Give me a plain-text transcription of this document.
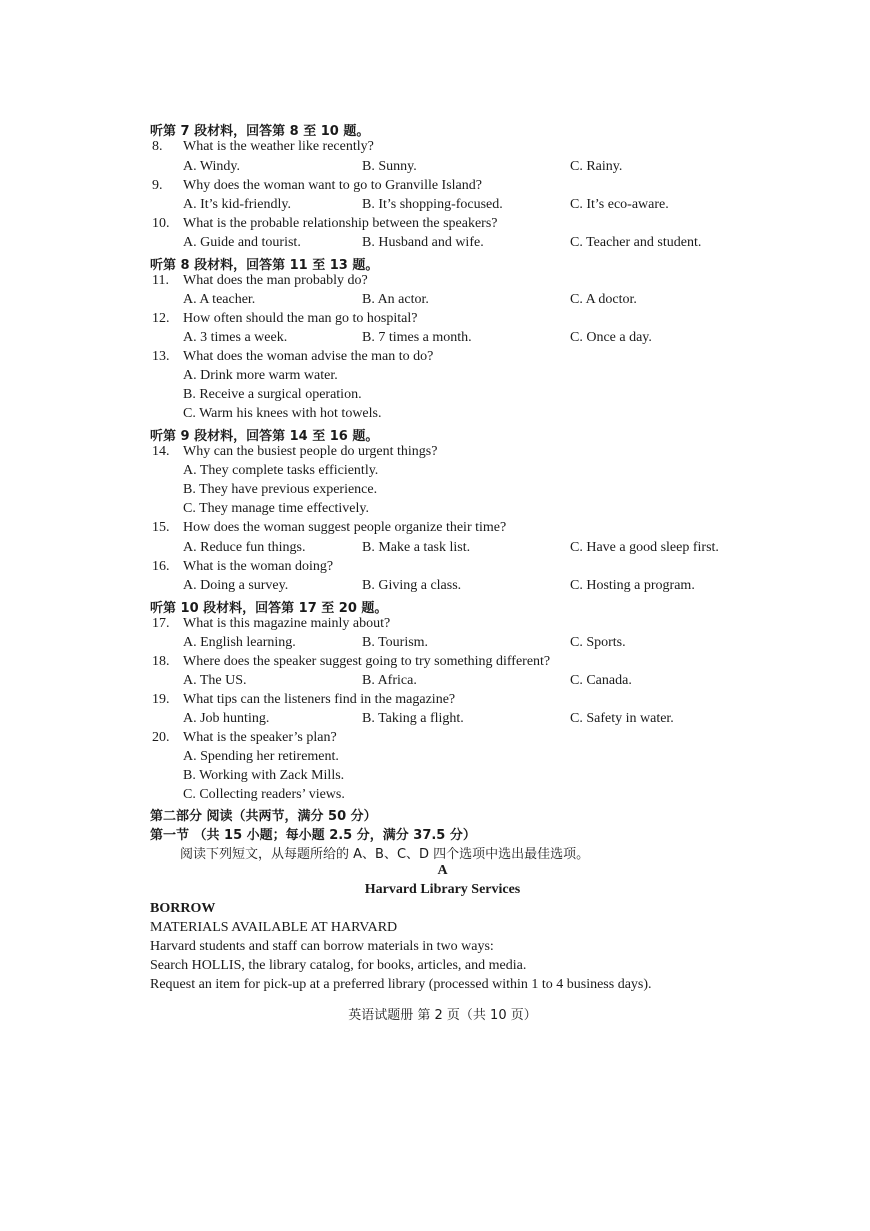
听第 7 段材料，回答第 8 至 10 题。
8. What is the weather like recently?
A. Windy.	B. Sunny.	C. Rainy.
9. Why does the woman want to go to Granville Island?
A. It’s kid-friendly.	B. It’s shopping-focused.	C. It’s eco-aware.
10. What is the probable relationship between the speakers?
A. Guide and tourist.	B. Husband and wife.	C. Teacher and student.
听第 8 段材料，回答第 11 至 13 题。
11. What does the man probably do?
A. A teacher.	B. An actor.	C. A doctor.
12. How often should the man go to hospital?
A. 3 times a week.	B. 7 times a month.	C. Once a day.
13. What does the woman advise the man to do?
A. Drink more warm water.
B. Receive a surgical operation.
C. Warm his knees with hot towels.
听第 9 段材料，回答第 14 至 16 题。
14. Why can the busiest people do urgent things?
A. They complete tasks efficiently.
B. They have previous experience.
C. They manage time effectively.
15. How does the woman suggest people organize their time?
A. Reduce fun things.	B. Make a task list.	C. Have a good sleep first.
16. What is the woman doing?
A. Doing a survey.	B. Giving a class.	C. Hosting a program.
听第 10 段材料，回答第 17 至 20 题。
17. What is this magazine mainly about?
A. English learning.	B. Tourism.	C. Sports.
18. Where does the speaker suggest going to try something different?
A. The US.	B. Africa.	C. Canada.
19. What tips can the listeners find in the magazine?
A. Job hunting.	B. Taking a flight.	C. Safety in water.
20. What is the speaker’s plan?
A. Spending her retirement.
B. Working with Zack Mills.
C. Collecting readers’ views.
第二部分 阅读（共两节，满分 50 分）
第一节 （共 15 小题；每小题 2.5 分，满分 37.5 分）
阅读下列短文，从每题所给的 A、B、C、D 四个选项中选出最佳选项。
A
Harvard Library Services
BORROW
MATERIALS AVAILABLE AT HARVARD
Harvard students and staff can borrow materials in two ways:
Search HOLLIS, the library catalog, for books, articles, and media.
Request an item for pick-up at a preferred library (processed within 1 to 4 business days).
英语试题册 第 2 页（共 10 页）
